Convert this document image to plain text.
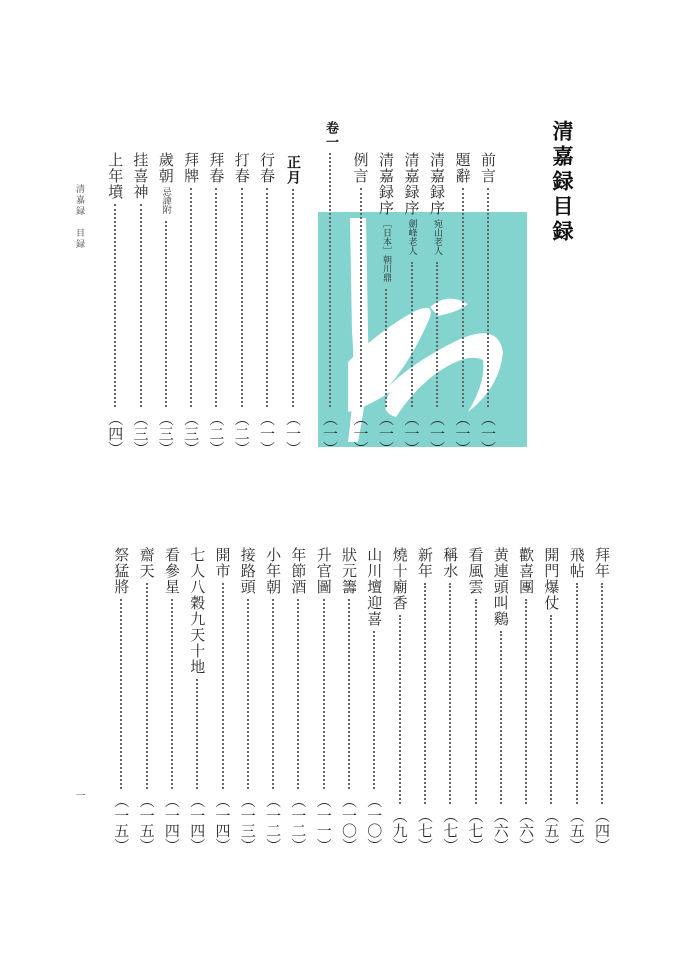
清嘉録目録
清嘉録　目録
一
前言
（一）
題辭
（一）
清嘉録序
宛山老人
（一）
清嘉録序
劍峰老人
（一）
清嘉録序
［日本］朝川鼎
（一）
例言
（一）
卷一
（一）
正月
（一）
行春
（一）
打春
（二）
拜春
（二）
拜牌
（三）
歲朝
忌諱附
（三）
挂喜神
（三）
上年墳
（四）
拜年
（四）
飛帖
（五）
開門爆仗
（五）
歡喜團
（六）
黄連頭叫鷄
（六）
看風雲
（七）
稱水
（七）
新年
（七）
燒十廟香
（九）
山川壇迎喜
（一〇）
狀元籌
（一〇）
升官圖
（一一）
年節酒
（一二）
小年朝
（一二）
接路頭
（一三）
開市
（一四）
七人八穀九天十地
（一四）
看參星
（一四）
齋天
（一五）
祭猛將
（一五）
